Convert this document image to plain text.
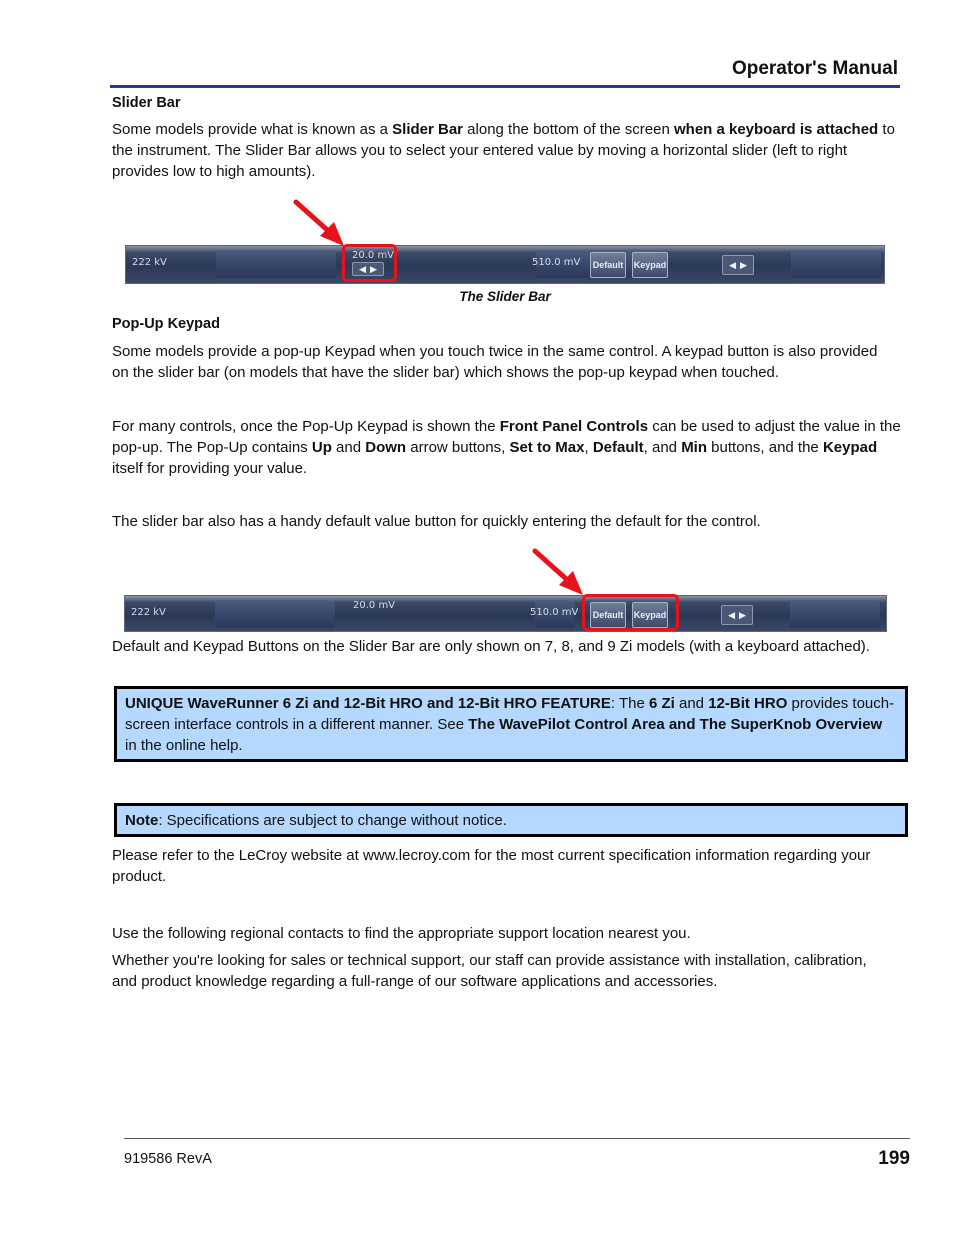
Operator's Manual
Slider Bar

Some models provide what is known as a Slider Bar along the bottom of the screen when a keyboard is attached to the instrument. The Slider Bar allows you to select your entered value by moving a horizontal slider (left to right provides low to high amounts).

222 kV
20.0 mV
◀ ▶
510.0 mV	Default	Keypad	◀ ▶
The Slider Bar
Pop-Up Keypad

Some models provide a pop-up Keypad when you touch twice in the same control. A keypad button is also provided on the slider bar (on models that have the slider bar) which shows the pop-up keypad when touched.

For many controls, once the Pop-Up Keypad is shown the Front Panel Controls can be used to adjust the value in the pop-up. The Pop-Up contains Up and Down arrow buttons, Set to Max, Default, and Min buttons, and the Keypad itself for providing your value.

The slider bar also has a handy default value button for quickly entering the default for the control.

222 kV
20.0 mV
510.0 mV	Default	Keypad	◀ ▶

Default and Keypad Buttons on the Slider Bar are only shown on 7, 8, and 9 Zi models (with a keyboard attached).

UNIQUE WaveRunner 6 Zi and 12-Bit HRO and 12-Bit HRO FEATURE: The 6 Zi and 12-Bit HRO provides touch-screen interface controls in a different manner. See The WavePilot Control Area and The SuperKnob Overview in the online help.
Note: Specifications are subject to change without notice.

Please refer to the LeCroy website at www.lecroy.com for the most current specification information regarding your product.

Use the following regional contacts to find the appropriate support location nearest you.

Whether you're looking for sales or technical support, our staff can provide assistance with installation, calibration, and product knowledge regarding a full-range of our software applications and accessories.

919586 RevA	199
